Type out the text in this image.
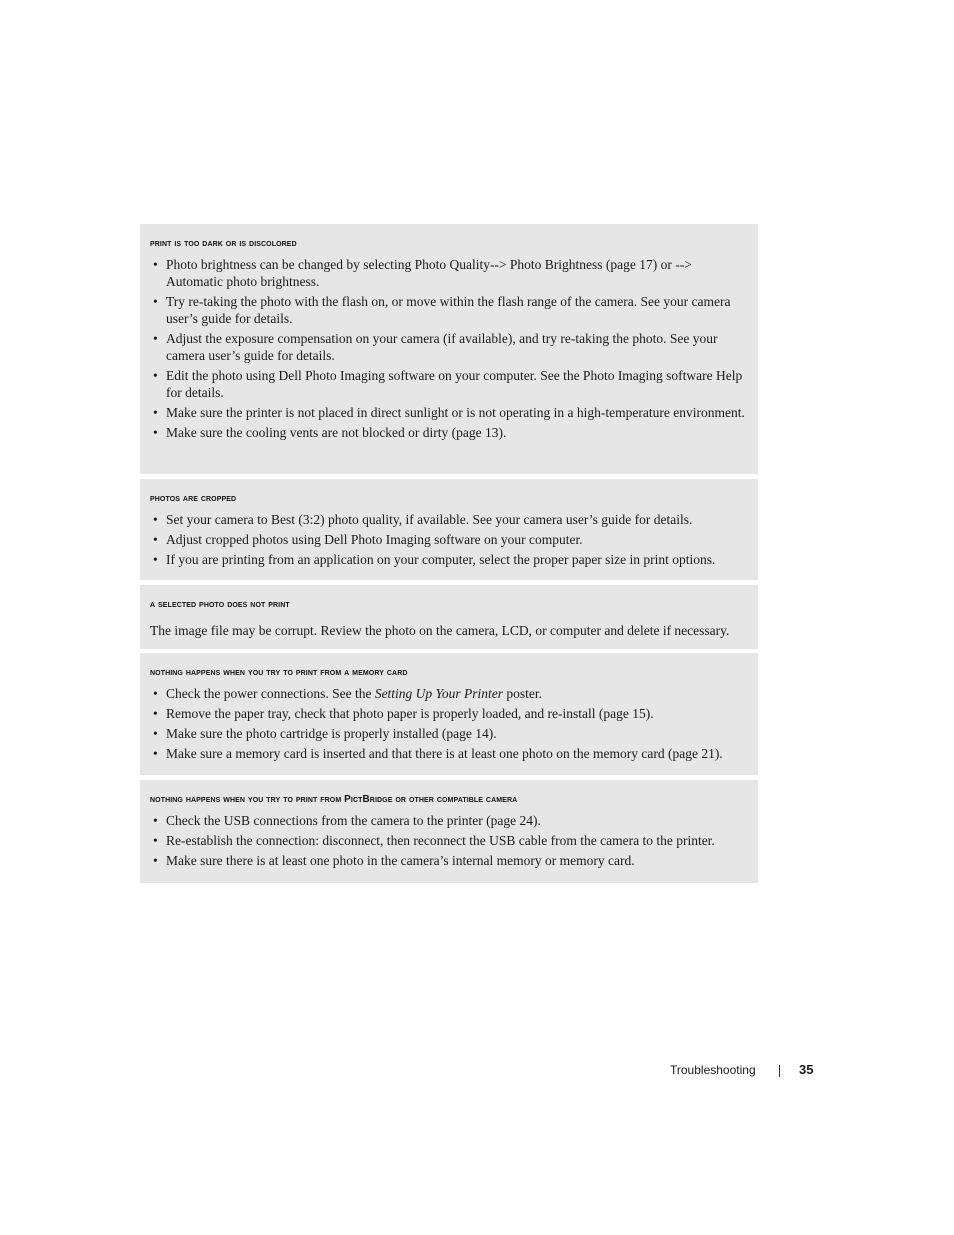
print is too dark or is discolored
• Photo brightness can be changed by selecting Photo Quality--> Photo Brightness (page 17) or --> Automatic photo brightness.
• Try re-taking the photo with the flash on, or move within the flash range of the camera. See your camera user’s guide for details.
• Adjust the exposure compensation on your camera (if available), and try re-taking the photo. See your camera user’s guide for details.
• Edit the photo using Dell Photo Imaging software on your computer. See the Photo Imaging software Help for details.
• Make sure the printer is not placed in direct sunlight or is not operating in a high-temperature environment.
• Make sure the cooling vents are not blocked or dirty (page 13).
photos are cropped
• Set your camera to Best (3:2) photo quality, if available. See your camera user’s guide for details.
• Adjust cropped photos using Dell Photo Imaging software on your computer.
• If you are printing from an application on your computer, select the proper paper size in print options.
a selected photo does not print

The image file may be corrupt. Review the photo on the camera, LCD, or computer and delete if necessary.

nothing happens when you try to print from a memory card
• Check the power connections. See the Setting Up Your Printer poster.
• Remove the paper tray, check that photo paper is properly loaded, and re-install (page 15).
• Make sure the photo cartridge is properly installed (page 14).
• Make sure a memory card is inserted and that there is at least one photo on the memory card (page 21).
nothing happens when you try to print from PictBridge or other compatible camera
• Check the USB connections from the camera to the printer (page 24).
• Re-establish the connection: disconnect, then reconnect the USB cable from the camera to the printer.
• Make sure there is at least one photo in the camera’s internal memory or memory card.
Troubleshooting	35
